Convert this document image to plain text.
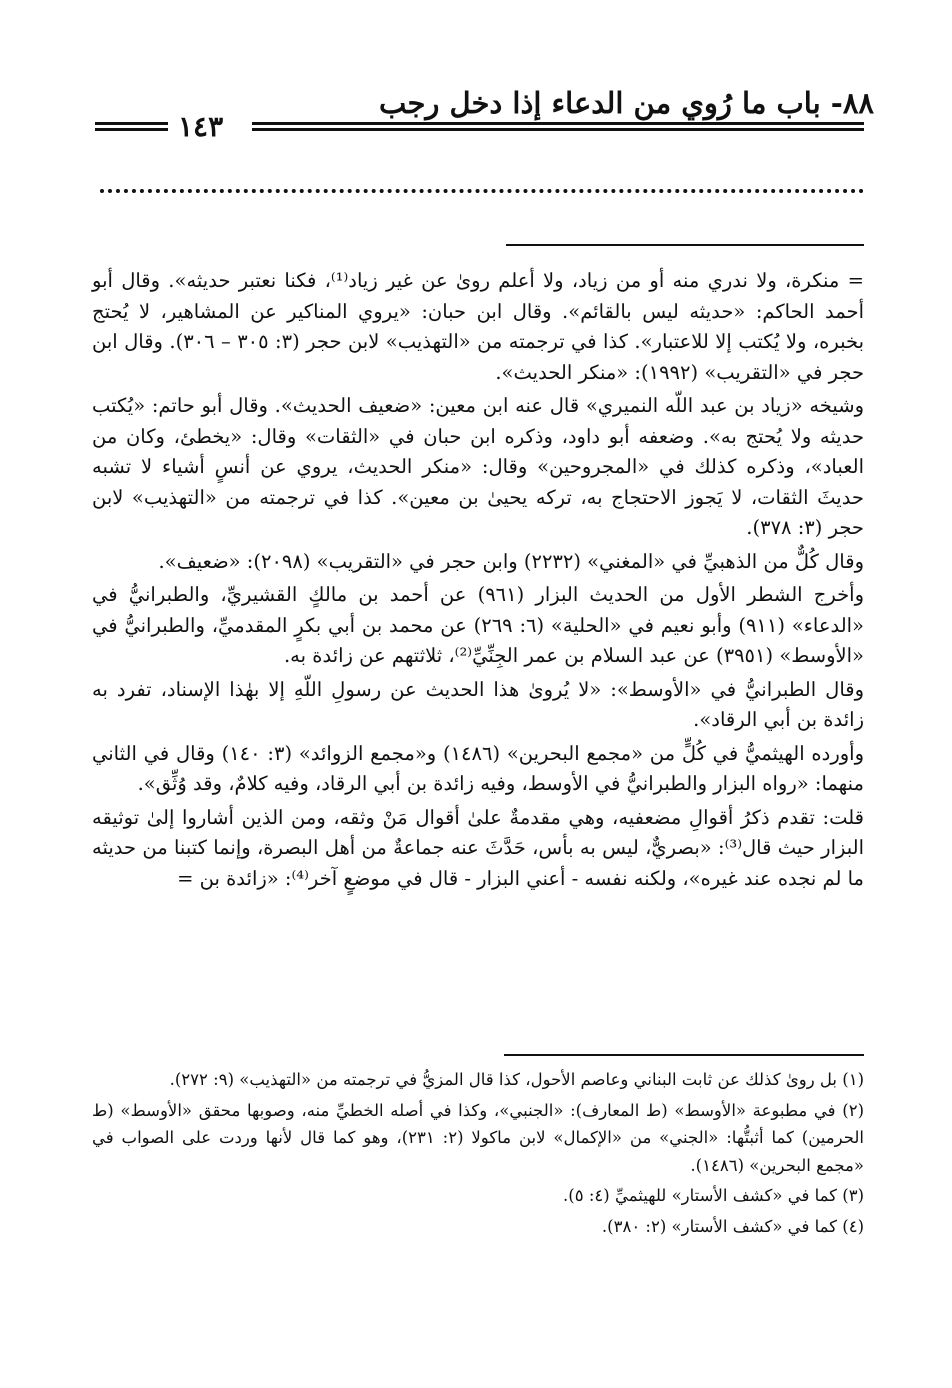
٨٨- باب ما رُوي من الدعاء إذا دخل رجب
١٤٣

= منكرة، ولا ندري منه أو من زياد، ولا أعلم روىٰ عن غير زياد⁽¹⁾، فكنا نعتبر حديثه». وقال أبو أحمد الحاكم: «حديثه ليس بالقائم». وقال ابن حبان: «يروي المناكير عن المشاهير، لا يُحتج بخبره، ولا يُكتب إلا للاعتبار». كذا في ترجمته من «التهذيب» لابن حجر (٣: ٣٠٥ – ٣٠٦). وقال ابن حجر في «التقريب» (١٩٩٢): «منكر الحديث».

وشيخه «زياد بن عبد اللّه النميري» قال عنه ابن معين: «ضعيف الحديث». وقال أبو حاتم: «يُكتب حديثه ولا يُحتج به». وضعفه أبو داود، وذكره ابن حبان في «الثقات» وقال: «يخطئ، وكان من العباد»، وذكره كذلك في «المجروحين» وقال: «منكر الحديث، يروي عن أنسٍ أشياء لا تشبه حديثَ الثقات، لا يَجوز الاحتجاج به، تركه يحيىٰ بن معين». كذا في ترجمته من «التهذيب» لابن حجر (٣: ٣٧٨).

وقال كُلٌّ من الذهبيِّ في «المغني» (٢٢٣٢) وابن حجر في «التقريب» (٢٠٩٨): «ضعيف».

وأخرج الشطر الأول من الحديث البزار (٩٦١) عن أحمد بن مالكٍ القشيريِّ، والطبرانيُّ في «الدعاء» (٩١١) وأبو نعيم في «الحلية» (٦: ٢٦٩) عن محمد بن أبي بكرٍ المقدميِّ، والطبرانيُّ في «الأوسط» (٣٩٥١) عن عبد السلام بن عمر الجِنِّيِّ⁽²⁾، ثلاثتهم عن زائدة به.

وقال الطبرانيُّ في «الأوسط»: «لا يُروىٰ هذا الحديث عن رسولِ اللّهِ إلا بهٰذا الإسناد، تفرد به زائدة بن أبي الرقاد».

وأورده الهيثميُّ في كُلٍّ من «مجمع البحرين» (١٤٨٦) و«مجمع الزوائد» (٣: ١٤٠) وقال في الثاني منهما: «رواه البزار والطبرانيُّ في الأوسط، وفيه زائدة بن أبي الرقاد، وفيه كلامٌ، وقد وُثِّق».

قلت: تقدم ذكرُ أقوالِ مضعفيه، وهي مقدمةٌ علىٰ أقوال مَنْ وثقه، ومن الذين أشاروا إلىٰ توثيقه البزار حيث قال⁽³⁾: «بصريٌّ، ليس به بأس، حَدَّثَ عنه جماعةٌ من أهل البصرة، وإنما كتبنا من حديثه ما لم نجده عند غيره»، ولكنه نفسه - أعني البزار - قال في موضعٍ آخر⁽⁴⁾: «زائدة بن =

(١) بل روىٰ كذلك عن ثابت البناني وعاصم الأحول، كذا قال المزيُّ في ترجمته من «التهذيب» (٩: ٢٧٢).

(٢) في مطبوعة «الأوسط» (ط المعارف): «الجنبي»، وكذا في أصله الخطيِّ منه، وصوبها محقق «الأوسط» (ط الحرمين) كما أثبتُّها: «الجني» من «الإكمال» لابن ماكولا (٢: ٢٣١)، وهو كما قال لأنها وردت على الصواب في «مجمع البحرين» (١٤٨٦).

(٣) كما في «كشف الأستار» للهيثميِّ (٤: ٥).

(٤) كما في «كشف الأستار» (٢: ٣٨٠).
